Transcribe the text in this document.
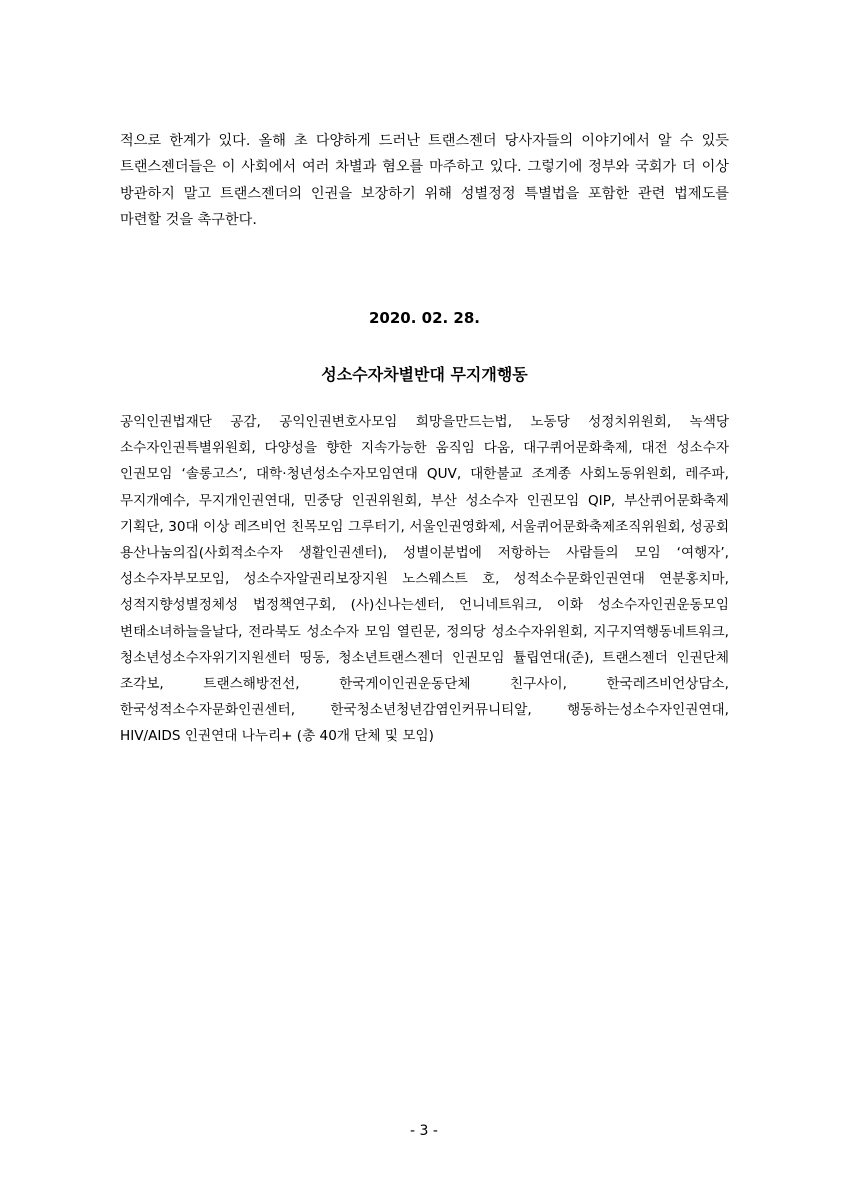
적으로 한계가 있다. 올해 초 다양하게 드러난 트랜스젠더 당사자들의 이야기에서 알 수 있듯 트랜스젠더들은 이 사회에서 여러 차별과 혐오를 마주하고 있다. 그렇기에 정부와 국회가 더 이상 방관하지 말고 트랜스젠더의 인권을 보장하기 위해 성별정정 특별법을 포함한 관련 법제도를 마련할 것을 촉구한다.

2020. 02. 28.
성소수자차별반대 무지개행동

공익인권법재단 공감, 공익인권변호사모임 희망을만드는법, 노동당 성정치위원회, 녹색당 소수자인권특별위원회, 다양성을 향한 지속가능한 움직임 다움, 대구퀴어문화축제, 대전 성소수자 인권모임 ‘솔롱고스’, 대학·청년성소수자모임연대 QUV, 대한불교 조계종 사회노동위원회, 레주파, 무지개예수, 무지개인권연대, 민중당 인권위원회, 부산 성소수자 인권모임 QIP, 부산퀴어문화축제 기획단, 30대 이상 레즈비언 친목모임 그루터기, 서울인권영화제, 서울퀴어문화축제조직위원회, 성공회 용산나눔의집(사회적소수자 생활인권센터), 성별이분법에 저항하는 사람들의 모임 ‘여행자’, 성소수자부모모임, 성소수자알권리보장지원 노스웨스트 호, 성적소수문화인권연대 연분홍치마, 성적지향성별정체성 법정책연구회, (사)신나는센터, 언니네트워크, 이화 성소수자인권운동모임 변태소녀하늘을날다, 전라북도 성소수자 모임 열린문, 정의당 성소수자위원회, 지구지역행동네트워크, 청소년성소수자위기지원센터 띵동, 청소년트랜스젠더 인권모임 튤립연대(준), 트랜스젠더 인권단체 조각보, 트랜스해방전선, 한국게이인권운동단체 친구사이, 한국레즈비언상담소, 한국성적소수자문화인권센터, 한국청소년청년감염인커뮤니티알, 행동하는성소수자인권연대, HIV/AIDS 인권연대 나누리+ (총 40개 단체 및 모임)

- 3 -
